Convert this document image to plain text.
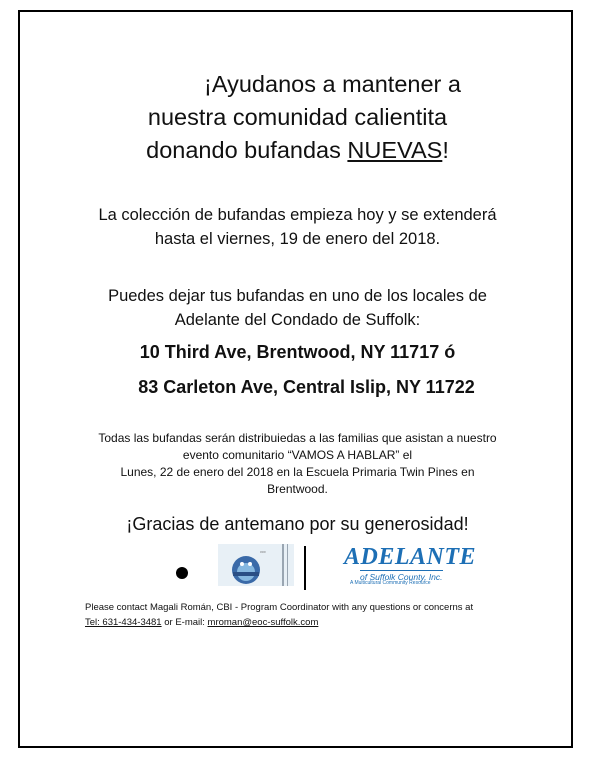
¡Ayudanos a mantener a
nuestra comunidad calientita
donando bufandas NUEVAS!
La colección de bufandas empieza hoy y se extenderá
hasta el viernes, 19 de enero del 2018.
Puedes dejar tus bufandas en uno de los locales de
Adelante del Condado de Suffolk:
10 Third Ave, Brentwood, NY 11717 ó
83 Carleton Ave, Central Islip, NY 11722
Todas las bufandas serán distribuiedas a las familias que asistan a nuestro
evento comunitario “VAMOS A HABLAR” el
Lunes, 22 de enero del 2018 en la Escuela Primaria Twin Pines en
Brentwood.
¡Gracias de antemano por su generosidad!
ᵒᵒᵒ	ADELANTE
of Suffolk County, Inc.
A Multicultural Community Resource
Please contact Magali Román, CBI - Program Coordinator with any questions or concerns at
Tel: 631-434-3481 or E-mail: mroman@eoc-suffolk.com
